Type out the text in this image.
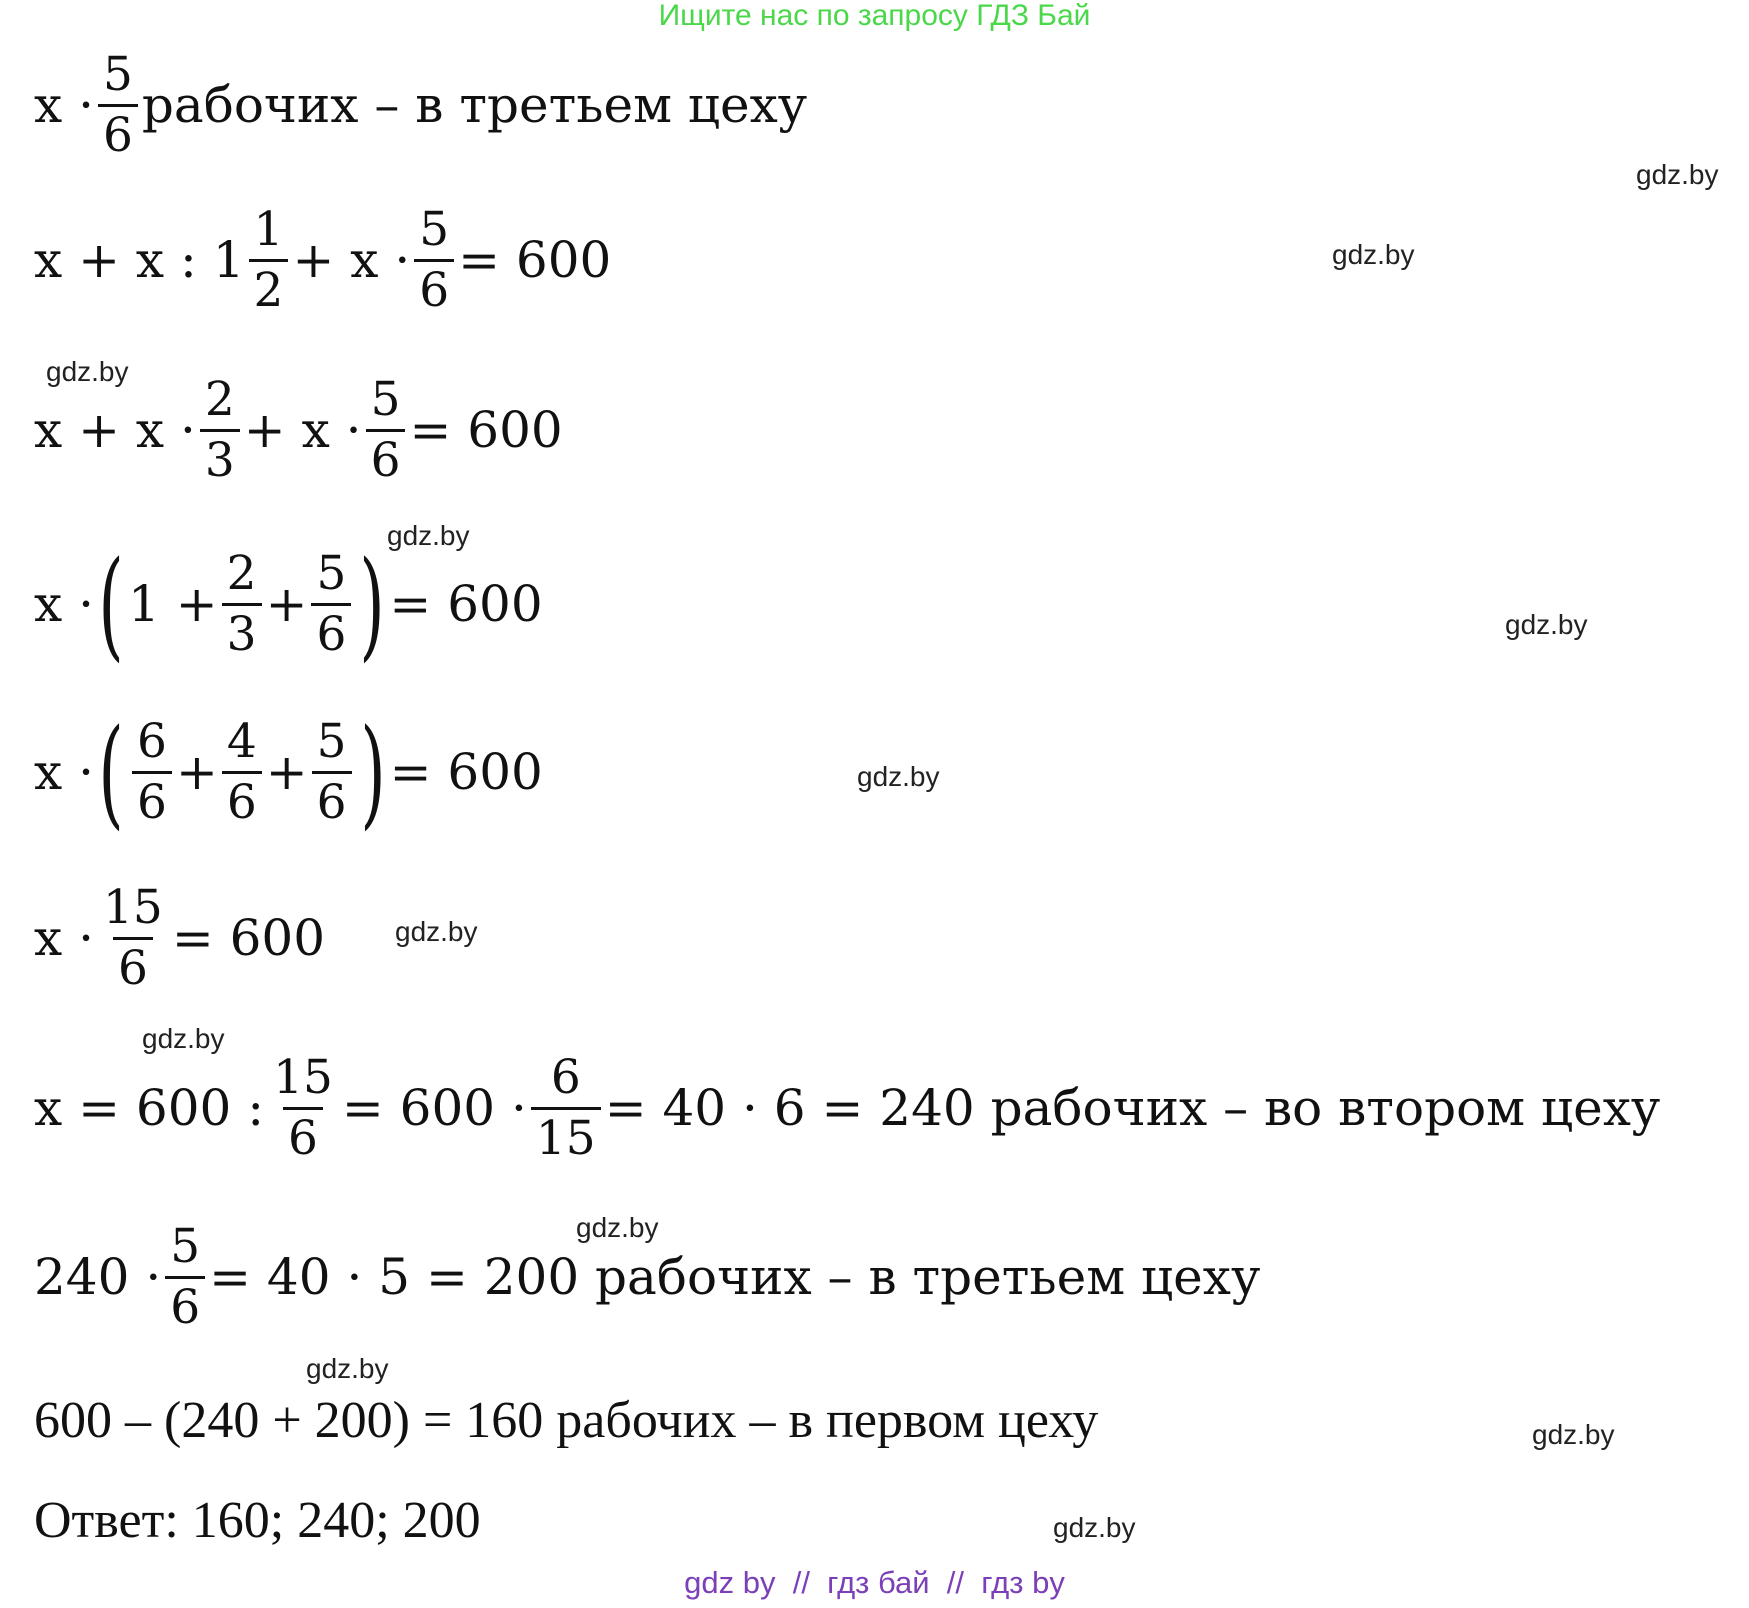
Ищите нас по запросу ГДЗ Бай
$x \cdot \frac{5}{6}$ рабочих – в третьем цеху
x + x : $1 \frac{1}{2} + x \cdot \frac{5}{6} = 600$
$x + x \cdot \frac{2}{3} + x \cdot \frac{5}{6} = 600$
x · ( $1 + \frac{2}{3} + \frac{5}{6}$ ) = 600
x · ( $\frac{6}{6} + \frac{4}{6} + \frac{5}{6}$ ) = 600
$x \cdot \frac{15}{6} = 600$
x = 600 : $\frac{15}{6} = 600 \cdot \frac{6}{15} = 40 \cdot 6 = 240$ рабочих – во втором цеху
$240 \cdot \frac{5}{6} = 40 \cdot 5 = 200$ рабочих – в третьем цеху
600 – (240 + 200) = 160 рабочих – в первом цеху
Ответ: 160; 240; 200
gdz.by
gdz.by
gdz.by
gdz.by
gdz.by
gdz.by
gdz.by
gdz.by
gdz.by
gdz.by
gdz.by
gdz.by
gdz by  //  гдз бай  //  гдз by
